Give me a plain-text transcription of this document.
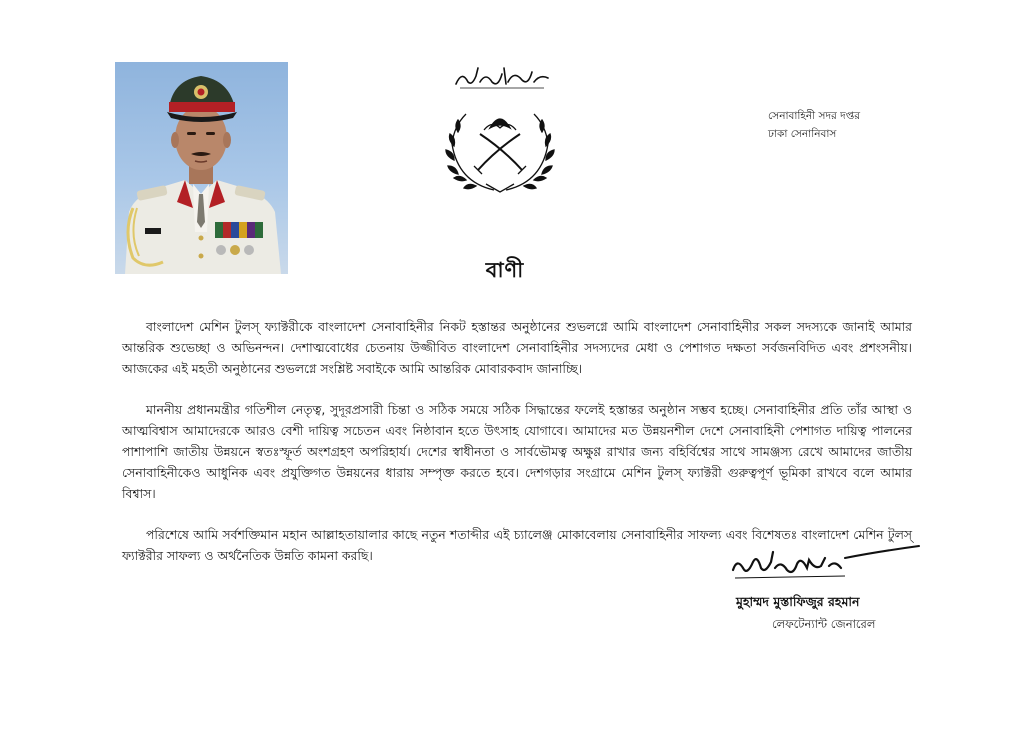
সেনাবাহিনী সদর দপ্তর
ঢাকা সেনানিবাস
বাণী

বাংলাদেশ মেশিন টুলস্ ফ্যাক্টরীকে বাংলাদেশ সেনাবাহিনীর নিকট হস্তান্তর অনুষ্ঠানের শুভলগ্নে আমি বাংলাদেশ সেনাবাহিনীর সকল সদস্যকে জানাই আমার আন্তরিক শুভেচ্ছা ও অভিনন্দন। দেশাত্মবোধের চেতনায় উজ্জীবিত বাংলাদেশ সেনাবাহিনীর সদস্যদের মেধা ও পেশাগত দক্ষতা সর্বজনবিদিত এবং প্রশংসনীয়। আজকের এই মহতী অনুষ্ঠানের শুভলগ্নে সংশ্লিষ্ট সবাইকে আমি আন্তরিক মোবারকবাদ জানাচ্ছি।

মাননীয় প্রধানমন্ত্রীর গতিশীল নেতৃত্ব, সুদূরপ্রসারী চিন্তা ও সঠিক সময়ে সঠিক সিদ্ধান্তের ফলেই হস্তান্তর অনুষ্ঠান সম্ভব হচ্ছে। সেনাবাহিনীর প্রতি তাঁর আস্থা ও আত্মবিশ্বাস আমাদেরকে আরও বেশী দায়িত্ব সচেতন এবং নিষ্ঠাবান হতে উৎসাহ যোগাবে। আমাদের মত উন্নয়নশীল দেশে সেনাবাহিনী পেশাগত দায়িত্ব পালনের পাশাপাশি জাতীয় উন্নয়নে স্বতঃস্ফূর্ত অংশগ্রহণ অপরিহার্য। দেশের স্বাধীনতা ও সার্বভৌমত্ব অক্ষুণ্ণ রাখার জন্য বহির্বিশ্বের সাথে সামঞ্জস্য রেখে আমাদের জাতীয় সেনাবাহিনীকেও আধুনিক এবং প্রযুক্তিগত উন্নয়নের ধারায় সম্পৃক্ত করতে হবে। দেশগড়ার সংগ্রামে মেশিন টুলস্ ফ্যাক্টরী গুরুত্বপূর্ণ ভূমিকা রাখবে বলে আমার বিশ্বাস।

পরিশেষে আমি সর্বশক্তিমান মহান আল্লাহতায়ালার কাছে নতুন শতাব্দীর এই চ্যালেঞ্জ মোকাবেলায় সেনাবাহিনীর সাফল্য এবং বিশেষতঃ বাংলাদেশ মেশিন টুলস্ ফ্যাক্টরীর সাফল্য ও অর্থনৈতিক উন্নতি কামনা করছি।

মুহাম্মদ মুস্তাফিজুর রহমান
লেফটেন্যান্ট জেনারেল
